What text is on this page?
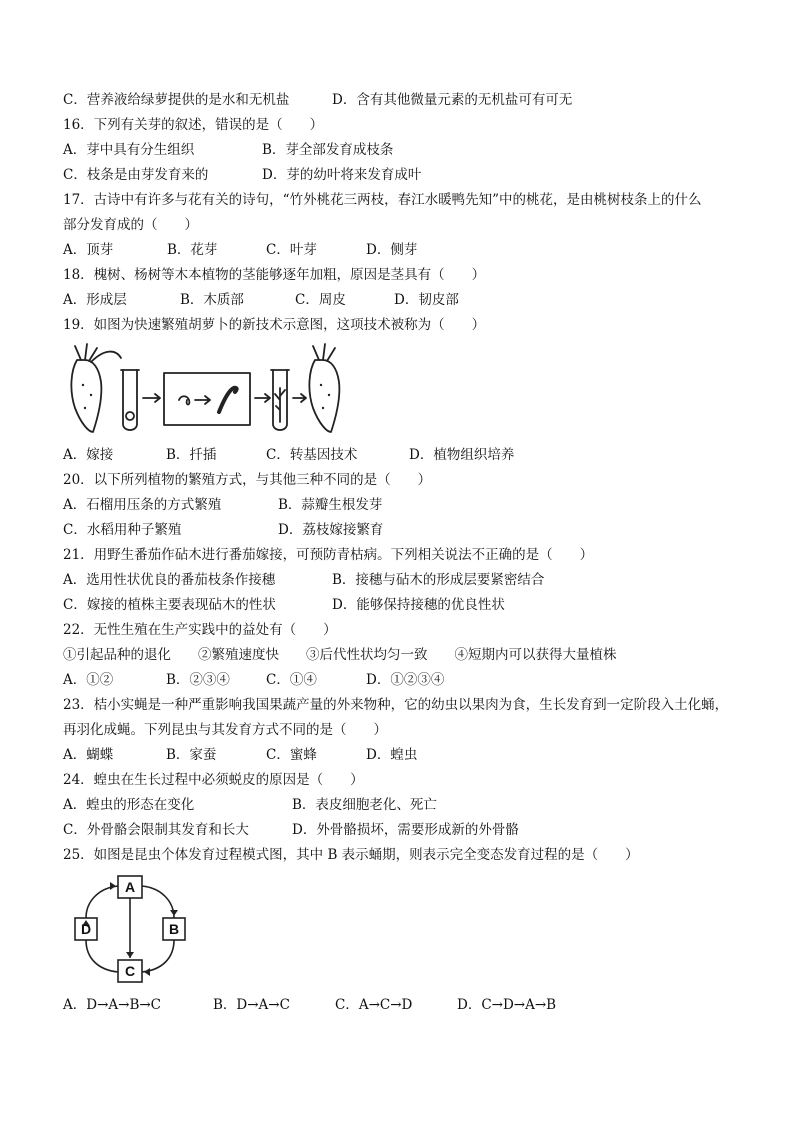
C．营养液给绿萝提供的是水和无机盐	D．含有其他微量元素的无机盐可有可无
16．下列有关芽的叙述，错误的是（　　）
A．芽中具有分生组织	B．芽全部发育成枝条
C．枝条是由芽发育来的	D．芽的幼叶将来发育成叶
17．古诗中有许多与花有关的诗句，“竹外桃花三两枝，春江水暖鸭先知”中的桃花，是由桃树枝条上的什么
部分发育成的（　　）
A．顶芽	B．花芽	C．叶芽	D．侧芽
18．槐树、杨树等木本植物的茎能够逐年加粗，原因是茎具有（　　）
A．形成层	B．木质部	C．周皮	D．韧皮部
19．如图为快速繁殖胡萝卜的新技术示意图，这项技术被称为（　　）
A．嫁接	B．扦插	C．转基因技术	D．植物组织培养
20．以下所列植物的繁殖方式，与其他三种不同的是（　　）
A．石榴用压条的方式繁殖	B．蒜瓣生根发芽
C．水稻用种子繁殖	D．荔枝嫁接繁育
21．用野生番茄作砧木进行番茄嫁接，可预防青枯病。下列相关说法不正确的是（　　）
A．选用性状优良的番茄枝条作接穗	B．接穗与砧木的形成层要紧密结合
C．嫁接的植株主要表现砧木的性状	D．能够保持接穗的优良性状
22．无性生殖在生产实践中的益处有（　　）
①引起品种的退化　　②繁殖速度快　　③后代性状均匀一致　　④短期内可以获得大量植株
A．①②	B．②③④	C．①④	D．①②③④
23．桔小实蝇是一种严重影响我国果蔬产量的外来物种，它的幼虫以果肉为食，生长发育到一定阶段入土化蛹，
再羽化成蝇。下列昆虫与其发育方式不同的是（　　）
A．蝴蝶	B．家蚕	C．蜜蜂	D．蝗虫
24．蝗虫在生长过程中必须蜕皮的原因是（　　）
A．蝗虫的形态在变化	B．表皮细胞老化、死亡
C．外骨骼会限制其发育和长大	D．外骨骼损坏，需要形成新的外骨骼
25．如图是昆虫个体发育过程模式图，其中 B 表示蛹期，则表示完全变态发育过程的是（　　）
A
B
C
D
A．D→A→B→C	B．D→A→C	C．A→C→D	D．C→D→A→B
